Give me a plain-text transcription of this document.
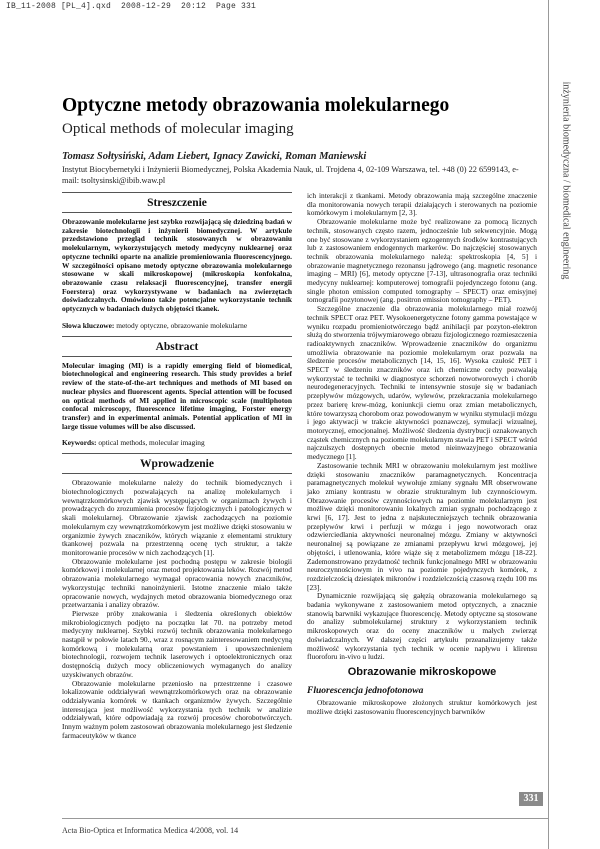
IB_11-2008 [PL_4].qxd  2008-12-29  20:12  Page 331
inżynieria biomedyczna / biomedical engineering
Optyczne metody obrazowania molekularnego
Optical methods of molecular imaging
Tomasz Sołtysiński, Adam Liebert, Ignacy Zawicki, Roman Maniewski
Instytut Biocybernetyki i Inżynierii Biomedycznej, Polska Akademia Nauk, ul. Trojdena 4, 02-109 Warszawa, tel. +48 (0) 22 6599143, e-mail: tsoltysinski@ibib.waw.pl
Streszczenie

Obrazowanie molekularne jest szybko rozwijającą się dziedziną badań w zakresie biotechnologii i inżynierii biomedycznej. W artykule przedstawiono przegląd technik stosowanych w obrazowaniu molekularnym, wykorzystujących metody medycyny nuklearnej oraz optyczne techniki oparte na analizie promieniowania fluorescencyjnego. W szczególności opisano metody optyczne obrazowania molekularnego stosowane w skali mikroskopowej (mikroskopia konfokalna, obrazowanie czasu relaksacji fluorescencyjnej, transfer energii Foerstera) oraz wykorzystywane w badaniach na zwierzętach doświadczalnych. Omówiono także potencjalne wykorzystanie technik optycznych w badaniach dużych objętości tkanek.

Słowa kluczowe: metody optyczne, obrazowanie molekularne
Abstract

Molecular imaging (MI) is a rapidly emerging field of biomedical, biotechnological and engineering research. This study provides a brief review of the state-of-the-art techniques and methods of MI based on nuclear physics and fluorescent agents. Special attention will be focused on optical methods of MI applied in microscopic scale (multiphoton confocal microscopy, fluorescence lifetime imaging, Forster energy transfer) and in experimental animals. Potential application of MI in large tissue volumes will be also discussed.

Keywords: optical methods, molecular imaging
Wprowadzenie

Obrazowanie molekularne należy do technik biomedycznych i biotechnologicznych pozwalających na analizę molekularnych i wewnątrzkomórkowych zjawisk występujących w organizmach żywych i prowadzących do zrozumienia procesów fizjologicznych i patologicznych w skali molekularnej. Obrazowanie zjawisk zachodzących na poziomie molekularnym czy wewnątrzkomórkowym jest możliwe dzięki stosowaniu w organizmie żywych znaczników, których wiązanie z elementami struktury tkankowej pozwala na przestrzenną ocenę tych struktur, a także monitorowanie procesów w nich zachodzących [1].

Obrazowanie molekularne jest pochodną postępu w zakresie biologii komórkowej i molekularnej oraz metod projektowania leków. Rozwój metod obrazowania molekularnego wymagał opracowania nowych znaczników, wykorzystując techniki nanoinżynierii. Istotne znaczenie miało także opracowanie nowych, wydajnych metod obrazowania biomedycznego oraz przetwarzania i analizy obrazów.

Pierwsze próby znakowania i śledzenia określonych obiektów mikrobiologicznych podjęto na początku lat 70. na potrzeby metod medycyny nuklearnej. Szybki rozwój technik obrazowania molekularnego nastąpił w połowie latach 90., wraz z rosnącym zainteresowaniem medycyną komórkową i molekularną oraz powstaniem i upowszechnieniem biotechnologii, rozwojem technik laserowych i optoelektronicznych oraz dostępnością dużych mocy obliczeniowych wymaganych do analizy uzyskiwanych obrazów.

Obrazowanie molekularne przeniosło na przestrzenne i czasowe lokalizowanie oddziaływań wewnątrzkomórkowych oraz na obrazowanie oddziaływania komórek w tkankach organizmów żywych. Szczególnie interesująca jest możliwość wykorzystania tych technik w analizie oddziaływań, które odpowiadają za rozwój procesów chorobotwórczych. Innym ważnym polem zastosowań obrazowania molekularnego jest śledzenie farmaceutyków w tkance

ich interakcji z tkankami. Metody obrazowania mają szczególne znaczenie dla monitorowania nowych terapii działających i sterowanych na poziomie komórkowym i molekularnym [2, 3].

Obrazowanie molekularne może być realizowane za pomocą licznych technik, stosowanych często razem, jednocześnie lub sekwencyjnie. Mogą one być stosowane z wykorzystaniem egzogennych środków kontrastujących lub z zastosowaniem endogennych markerów. Do najczęściej stosowanych technik obrazowania molekularnego należą: spektroskopia [4, 5] i obrazowanie magnetycznego rezonansu jądrowego (ang. magnetic resonance imaging – MRI) [6], metody optyczne [7-13], ultrasonografia oraz techniki medycyny nuklearnej: komputerowej tomografii pojedynczego fotonu (ang. single photon emission computed tomography – SPECT) oraz emisyjnej tomografii pozytonowej (ang. positron emission tomography – PET).

Szczególne znaczenie dla obrazowania molekularnego miał rozwój technik SPECT oraz PET. Wysokoenergetyczne fotony gamma powstające w wyniku rozpadu promieniotwórczego bądź anihilacji par pozyton-elektron służą do stworzenia trójwymiarowego obrazu fizjologicznego rozmieszczenia radioaktywnych znaczników. Wprowadzenie znaczników do organizmu umożliwia obrazowanie na poziomie molekularnym oraz pozwala na śledzenie procesów metabolicznych [14, 15, 16]. Wysoka czułość PET i SPECT w śledzeniu znaczników oraz ich chemiczne cechy pozwalają wykorzystać te techniki w diagnostyce schorzeń nowotworowych i chorób neurodegeneracyjnych. Techniki te intensywnie stosuje się w badaniach przepływów mózgowych, udarów, wylewów, przekraczania molekularnego przez barierę krew-mózg, koniunkcji ciemu oraz zmian metabolicznych, które towarzyszą chorobom oraz powodowanym w wyniku stymulacji mózgu i jego aktywacji w trakcie aktywności poznawczej, symulacji wizualnej, motorycznej, emocjonalnej. Możliwość śledzenia dystrybucji oznakowanych cząstek chemicznych na poziomie molekularnym stawia PET i SPECT wśród najczulszych dostępnych obecnie metod nieinwazyjnego obrazowania medycznego [1].

Zastosowanie technik MRI w obrazowaniu molekularnym jest możliwe dzięki stosowaniu znaczników paramagnetycznych. Koncentracja paramagnetycznych molekuł wywołuje zmiany sygnału MR obserwowane jako zmiany kontrastu w obrazie strukturalnym lub czynnościowym. Obrazowanie procesów czynnościowych na poziomie molekularnym jest możliwe dzięki monitorowaniu lokalnych zmian sygnału pochodzącego z krwi [6, 17]. Jest to jedna z najskuteczniejszych technik obrazowania przepływów krwi i perfuzji w mózgu i jego nowotworach oraz odzwierciedlania aktywności neuronalnej mózgu. Zmiany w aktywności neuronalnej są powiązane ze zmianami przepływu krwi mózgowej, jej objętości, i utlenowania, które wiąże się z metabolizmem mózgu [18-22]. Zademonstrowano przydatność technik funkcjonalnego MRI w obrazowaniu neuroczynnościowym in vivo na poziomie pojedynczych komórek, z rozdzielczością dziesiątek mikronów i rozdzielczością czasową rzędu 100 ms [23].

Dynamicznie rozwijającą się gałęzią obrazowania molekularnego są badania wykonywane z zastosowaniem metod optycznych, a znacznie stanowią barwniki wykazujące fluorescencję. Metody optyczne są stosowane do analizy submolekularnej struktury z wykorzystaniem technik mikroskopowych oraz do oceny znaczników u małych zwierząt doświadczalnych. W dalszej części artykułu przeanalizujemy także możliwość wykorzystania tych technik w ocenie napływu i klirensu fluoroforu in-vivo u ludzi.

Obrazowanie mikroskopowe
Fluorescencja jednofotonowa

Obrazowanie mikroskopowe złożonych struktur komórkowych jest możliwe dzięki zastosowaniu fluorescencyjnych barwników

331
Acta Bio-Optica et Informatica Medica 4/2008, vol. 14
